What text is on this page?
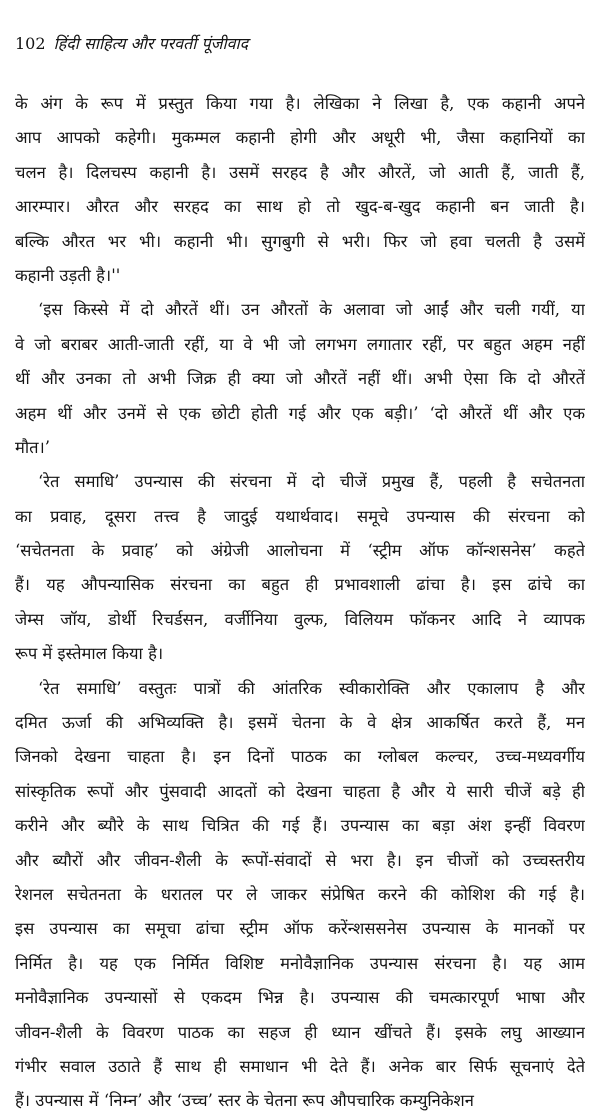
102 हिंदी साहित्य और परवर्ती पूंजीवाद
के अंग के रूप में प्रस्तुत किया गया है। लेखिका ने लिखा है, एक कहानी अपने
आप आपको कहेगी। मुकम्मल कहानी होगी और अधूरी भी, जैसा कहानियों का
चलन है। दिलचस्प कहानी है। उसमें सरहद है और औरतें, जो आती हैं, जाती हैं,
आरम्पार। औरत और सरहद का साथ हो तो खुद-ब-खुद कहानी बन जाती है।
बल्कि औरत भर भी। कहानी भी। सुगबुगी से भरी। फिर जो हवा चलती है उसमें
कहानी उड़ती है।''
‘इस किस्से में दो औरतें थीं। उन औरतों के अलावा जो आईं और चली गयीं, या
वे जो बराबर आती-जाती रहीं, या वे भी जो लगभग लगातार रहीं, पर बहुत अहम नहीं
थीं और उनका तो अभी जिक्र ही क्या जो औरतें नहीं थीं। अभी ऐसा कि दो औरतें
अहम थीं और उनमें से एक छोटी होती गई और एक बड़ी।’ ‘दो औरतें थीं और एक
मौत।’
‘रेत समाधि’ उपन्यास की संरचना में दो चीजें प्रमुख हैं, पहली है सचेतनता
का प्रवाह, दूसरा तत्त्व है जादुई यथार्थवाद। समूचे उपन्यास की संरचना को
‘सचेतनता के प्रवाह’ को अंग्रेजी आलोचना में ‘स्ट्रीम ऑफ कॉन्शसनेस’ कहते
हैं। यह औपन्यासिक संरचना का बहुत ही प्रभावशाली ढांचा है। इस ढांचे का
जेम्स जॉय, डोर्थी रिचर्डसन, वर्जीनिया वुल्फ, विलियम फॉकनर आदि ने व्यापक
रूप में इस्तेमाल किया है।
‘रेत समाधि’ वस्तुतः पात्रों की आंतरिक स्वीकारोक्ति और एकालाप है और
दमित ऊर्जा की अभिव्यक्ति है। इसमें चेतना के वे क्षेत्र आकर्षित करते हैं, मन
जिनको देखना चाहता है। इन दिनों पाठक का ग्लोबल कल्चर, उच्च-मध्यवर्गीय
सांस्कृतिक रूपों और पुंसवादी आदतों को देखना चाहता है और ये सारी चीजें बड़े ही
करीने और ब्यौरे के साथ चित्रित की गई हैं। उपन्यास का बड़ा अंश इन्हीं विवरण
और ब्यौरों और जीवन-शैली के रूपों-संवादों से भरा है। इन चीजों को उच्चस्तरीय
रेशनल सचेतनता के धरातल पर ले जाकर संप्रेषित करने की कोशिश की गई है।
इस उपन्यास का समूचा ढांचा स्ट्रीम ऑफ करेंन्शससनेस उपन्यास के मानकों पर
निर्मित है। यह एक निर्मित विशिष्ट मनोवैज्ञानिक उपन्यास संरचना है। यह आम
मनोवैज्ञानिक उपन्यासों से एकदम भिन्न है। उपन्यास की चमत्कारपूर्ण भाषा और
जीवन-शैली के विवरण पाठक का सहज ही ध्यान खींचते हैं। इसके लघु आख्यान
गंभीर सवाल उठाते हैं साथ ही समाधान भी देते हैं। अनेक बार सिर्फ सूचनाएं देते
हैं। उपन्यास में ‘निम्न’ और ‘उच्च’ स्तर के चेतना रूप औपचारिक कम्युनिकेशन
